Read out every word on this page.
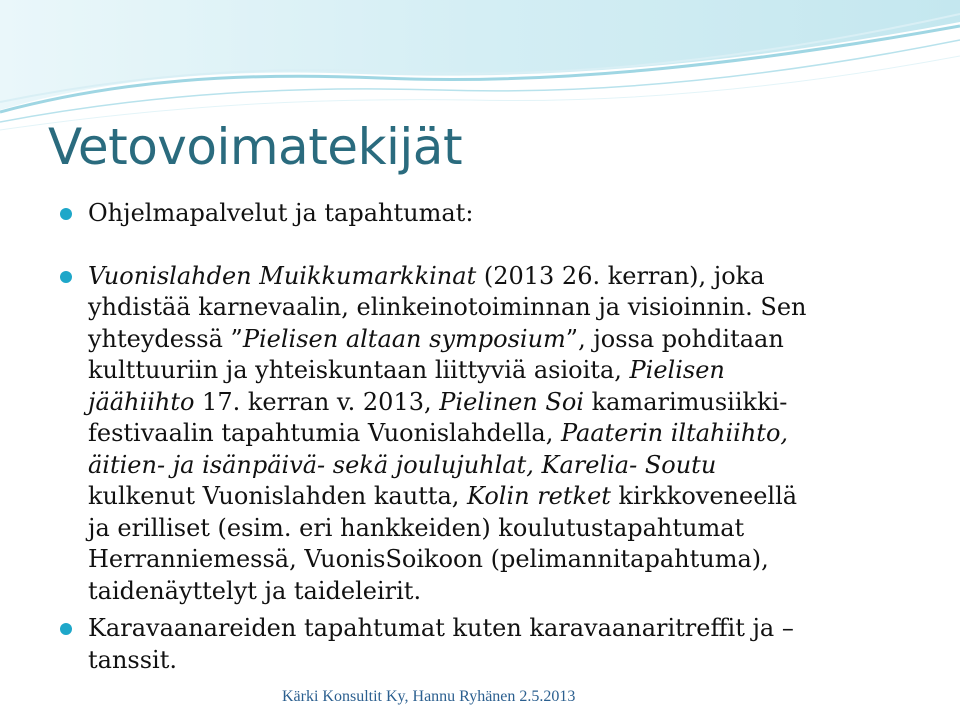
Vetovoimatekijät
Ohjelmapalvelut ja tapahtumat:
Vuonislahden Muikkumarkkinat (2013 26. kerran), joka
yhdistää karnevaalin, elinkeinotoiminnan ja visioinnin. Sen
yhteydessä ”Pielisen altaan symposium”, jossa pohditaan
kulttuuriin ja yhteiskuntaan liittyviä asioita, Pielisen
jäähiihto 17. kerran v. 2013, Pielinen Soi kamarimusiikki-
festivaalin tapahtumia Vuonislahdella, Paaterin iltahiihto,
äitien- ja isänpäivä- sekä joulujuhlat, Karelia- Soutu
kulkenut Vuonislahden kautta, Kolin retket kirkkoveneellä
ja erilliset (esim. eri hankkeiden) koulutustapahtumat
Herranniemessä, VuonisSoikoon (pelimannitapahtuma),
taidenäyttelyt ja taideleirit.
Karavaanareiden tapahtumat kuten karavaanaritreffit ja –
tanssit.
Kärki Konsultit Ky, Hannu Ryhänen 2.5.2013
